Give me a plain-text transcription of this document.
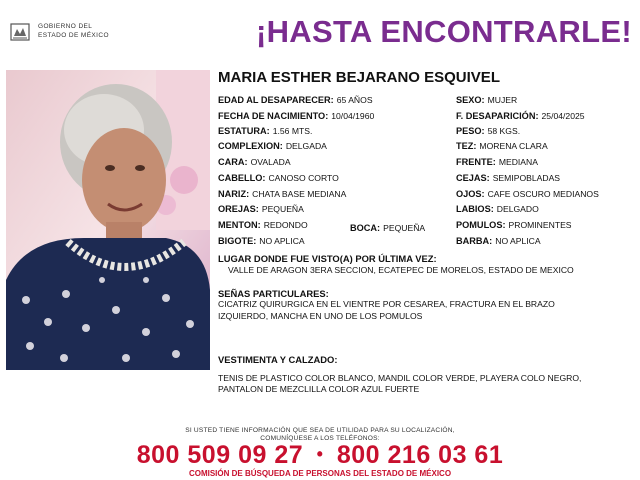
GOBIERNO DEL
ESTADO DE MÉXICO	¡HASTA ENCONTRARLE!
MARIA ESTHER BEJARANO ESQUIVEL
EDAD AL DESAPARECER: 65 AÑOS
FECHA DE NACIMIENTO: 10/04/1960
ESTATURA: 1.56 MTS.
COMPLEXION: DELGADA
CARA: OVALADA
CABELLO: CANOSO CORTO
NARIZ: CHATA BASE MEDIANA
OREJAS: PEQUEÑA
MENTON: REDONDO
BIGOTE: NO APLICA
BOCA: PEQUEÑA
SEXO: MUJER
F. DESAPARICIÓN: 25/04/2025
PESO: 58 KGS.
TEZ: MORENA CLARA
FRENTE: MEDIANA
CEJAS: SEMIPOBLADAS
OJOS: CAFE OSCURO MEDIANOS
LABIOS: DELGADO
POMULOS: PROMINENTES
BARBA: NO APLICA
LUGAR DONDE FUE VISTO(A) POR ÚLTIMA VEZ:
VALLE DE ARAGON 3ERA SECCION, ECATEPEC DE MORELOS, ESTADO DE MEXICO
SEÑAS PARTICULARES:
CICATRIZ QUIRURGICA EN EL VIENTRE POR CESAREA, FRACTURA EN EL BRAZO
IZQUIERDO, MANCHA EN UNO DE LOS POMULOS
VESTIMENTA Y CALZADO:
TENIS DE PLASTICO COLOR BLANCO, MANDIL COLOR VERDE, PLAYERA COLO NEGRO,
PANTALON DE MEZCLILLA COLOR AZUL FUERTE
SI USTED TIENE INFORMACIÓN QUE SEA DE UTILIDAD PARA SU LOCALIZACIÓN,
COMUNÍQUESE A LOS TELÉFONOS:
800 509 09 27 • 800 216 03 61
COMISIÓN DE BÚSQUEDA DE PERSONAS DEL ESTADO DE MÉXICO
